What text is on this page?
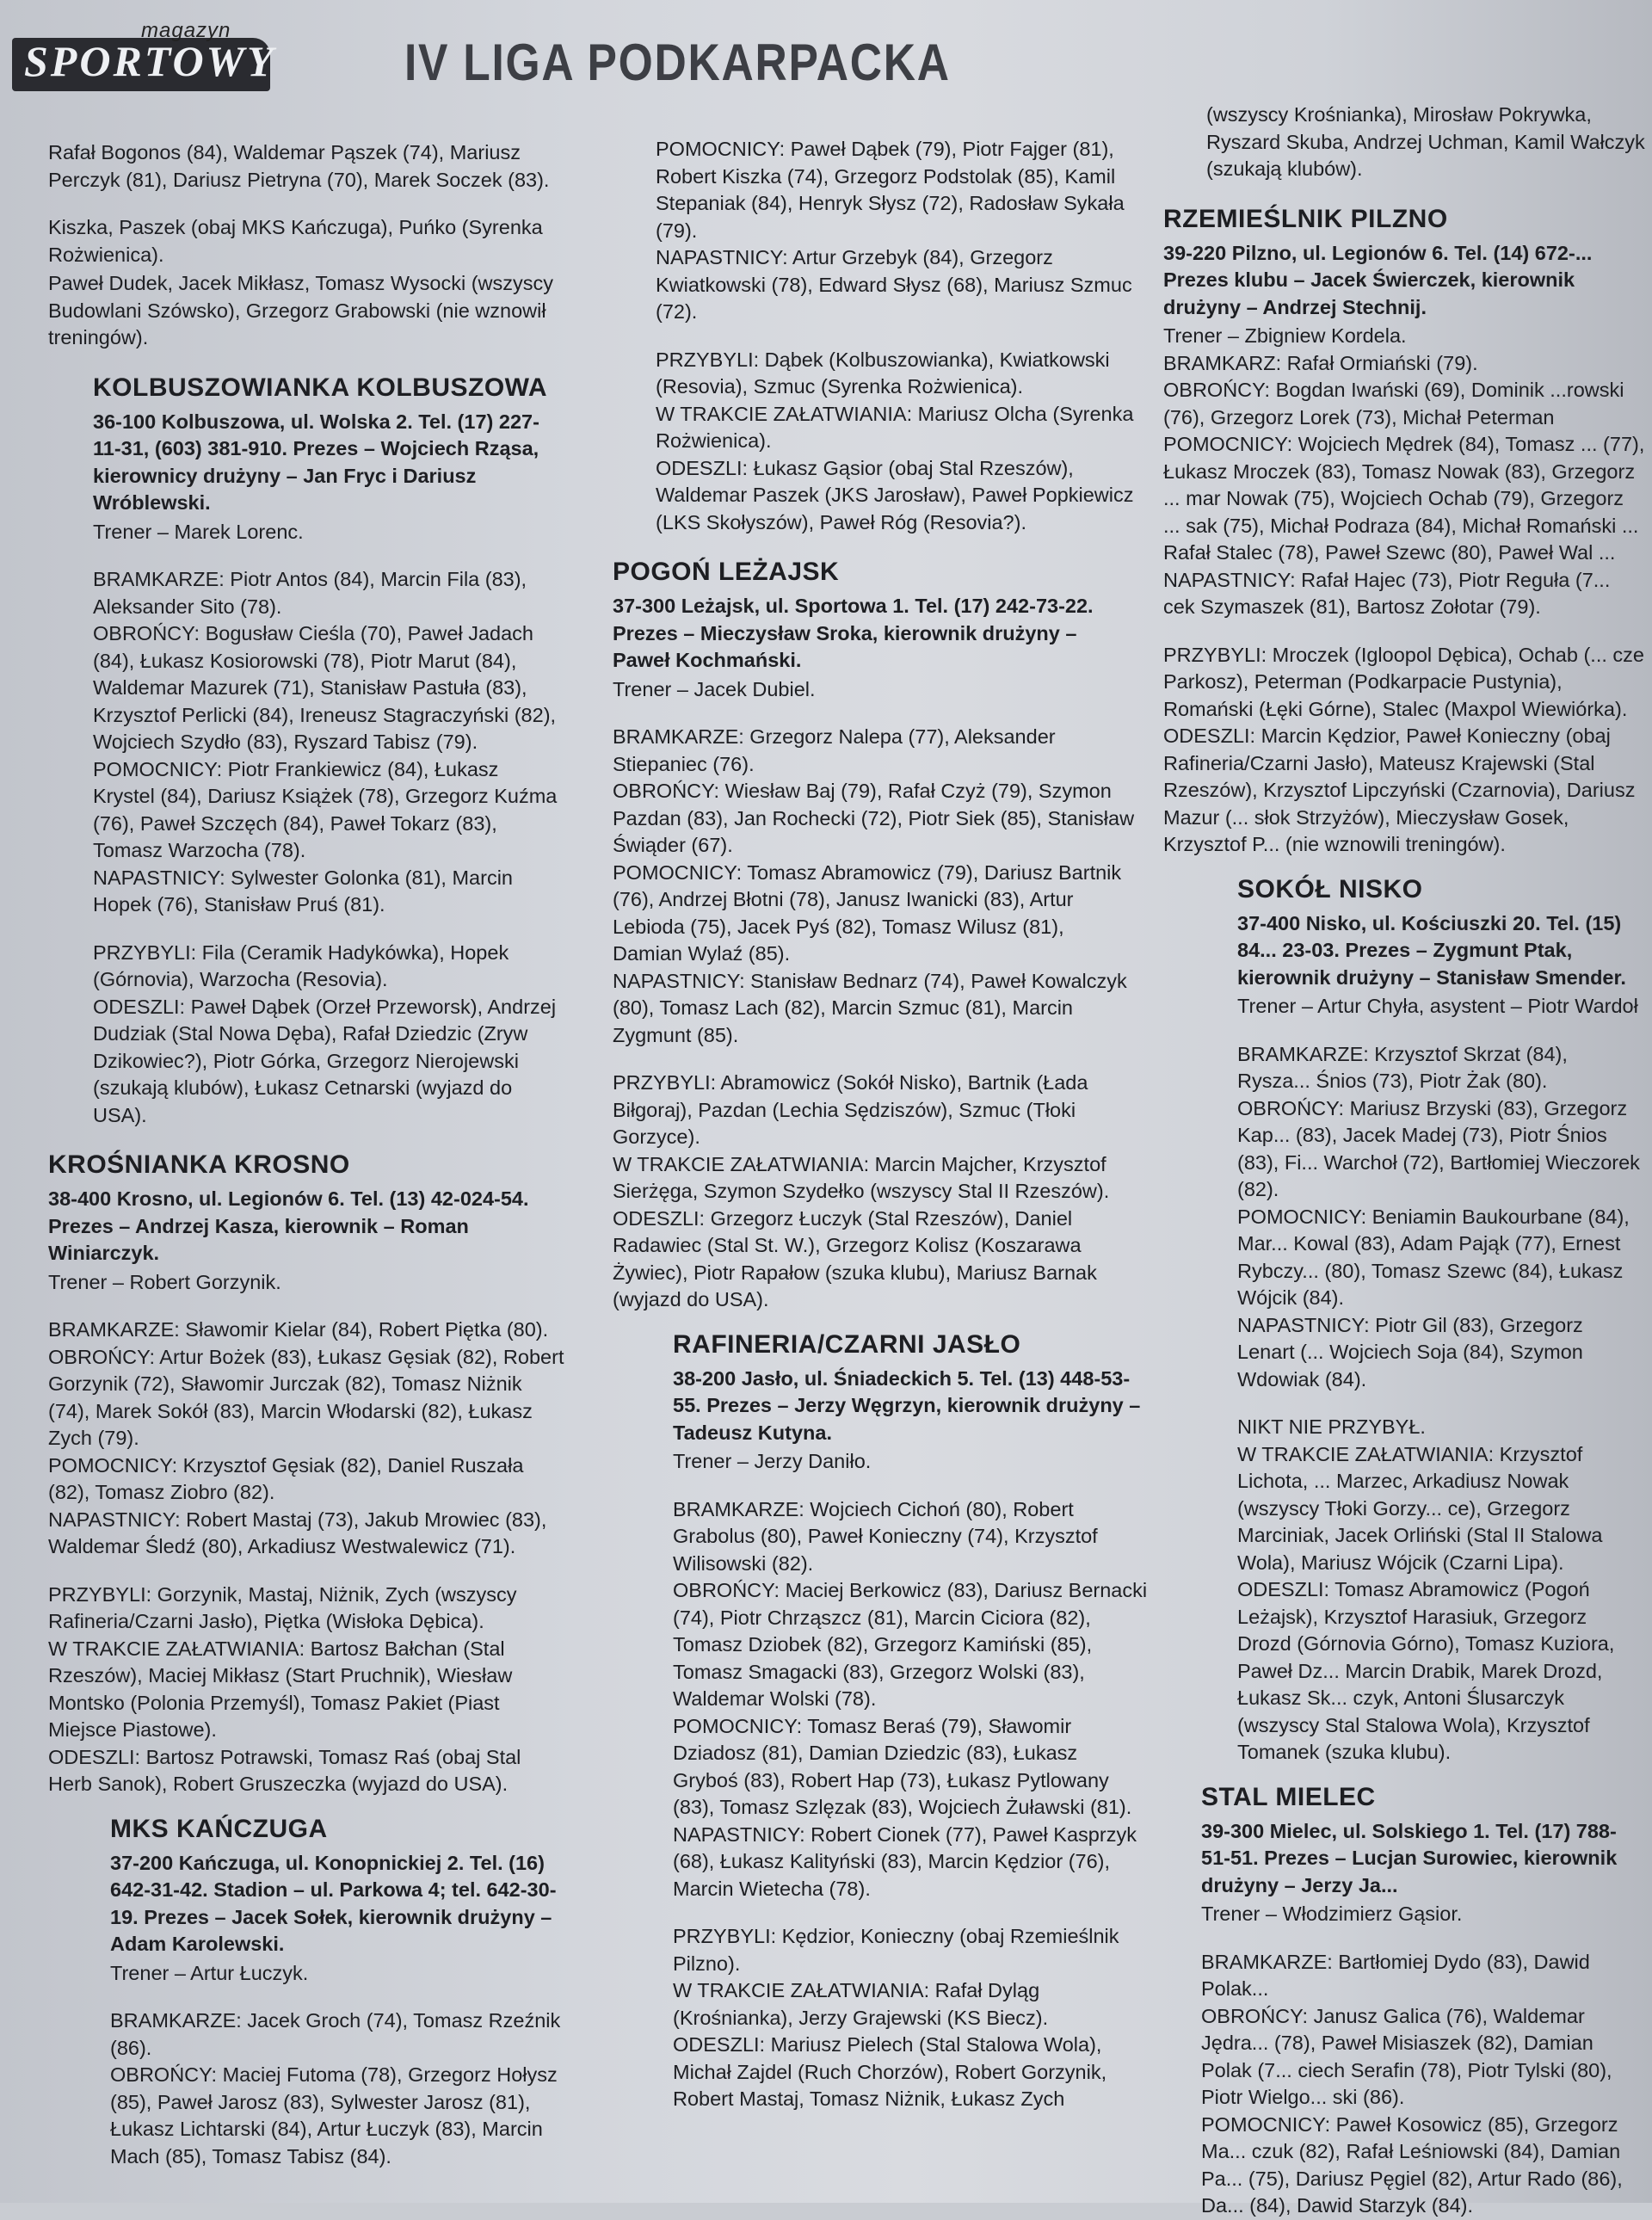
SPORTOWY
magazyn
IV LIGA PODKARPACKA

Rafał Bogonos (84), Waldemar Pąszek (74), Mariusz Perczyk (81), Dariusz Pietryna (70), Marek Soczek (83).

Kiszka, Paszek (obaj MKS Kańczuga), Puńko (Syrenka Rożwienica).

Paweł Dudek, Jacek Mikłasz, Tomasz Wysocki (wszyscy Budowlani Szówsko), Grzegorz Grabowski (nie wznowił treningów).

KOLBUSZOWIANKA KOLBUSZOWA

36-100 Kolbuszowa, ul. Wolska 2. Tel. (17) 227-11-31, (603) 381-910. Prezes – Wojciech Rząsa, kierownicy drużyny – Jan Fryc i Dariusz Wróblewski.

Trener – Marek Lorenc.

BRAMKARZE: Piotr Antos (84), Marcin Fila (83), Aleksander Sito (78).

OBROŃCY: Bogusław Cieśla (70), Paweł Jadach (84), Łukasz Kosiorowski (78), Piotr Marut (84), Waldemar Mazurek (71), Stanisław Pastuła (83), Krzysztof Perlicki (84), Ireneusz Stagraczyński (82), Wojciech Szydło (83), Ryszard Tabisz (79).

POMOCNICY: Piotr Frankiewicz (84), Łukasz Krystel (84), Dariusz Książek (78), Grzegorz Kuźma (76), Paweł Szczęch (84), Paweł Tokarz (83), Tomasz Warzocha (78).

NAPASTNICY: Sylwester Golonka (81), Marcin Hopek (76), Stanisław Pruś (81).

PRZYBYLI: Fila (Ceramik Hadykówka), Hopek (Górnovia), Warzocha (Resovia).

ODESZLI: Paweł Dąbek (Orzeł Przeworsk), Andrzej Dudziak (Stal Nowa Dęba), Rafał Dziedzic (Zryw Dzikowiec?), Piotr Górka, Grzegorz Nierojewski (szukają klubów), Łukasz Cetnarski (wyjazd do USA).

KROŚNIANKA KROSNO

38-400 Krosno, ul. Legionów 6. Tel. (13) 42-024-54. Prezes – Andrzej Kasza, kierownik – Roman Winiarczyk.

Trener – Robert Gorzynik.

BRAMKARZE: Sławomir Kielar (84), Robert Piętka (80).

OBROŃCY: Artur Bożek (83), Łukasz Gęsiak (82), Robert Gorzynik (72), Sławomir Jurczak (82), Tomasz Niżnik (74), Marek Sokół (83), Marcin Włodarski (82), Łukasz Zych (79).

POMOCNICY: Krzysztof Gęsiak (82), Daniel Ruszała (82), Tomasz Ziobro (82).

NAPASTNICY: Robert Mastaj (73), Jakub Mrowiec (83), Waldemar Śledź (80), Arkadiusz Westwalewicz (71).

PRZYBYLI: Gorzynik, Mastaj, Niżnik, Zych (wszyscy Rafineria/Czarni Jasło), Piętka (Wisłoka Dębica).

W TRAKCIE ZAŁATWIANIA: Bartosz Bałchan (Stal Rzeszów), Maciej Mikłasz (Start Pruchnik), Wiesław Montsko (Polonia Przemyśl), Tomasz Pakiet (Piast Miejsce Piastowe).

ODESZLI: Bartosz Potrawski, Tomasz Raś (obaj Stal Herb Sanok), Robert Gruszeczka (wyjazd do USA).

MKS KAŃCZUGA

37-200 Kańczuga, ul. Konopnickiej 2. Tel. (16) 642-31-42. Stadion – ul. Parkowa 4; tel. 642-30-19. Prezes – Jacek Sołek, kierownik drużyny – Adam Karolewski.

Trener – Artur Łuczyk.

BRAMKARZE: Jacek Groch (74), Tomasz Rzeźnik (86).

OBROŃCY: Maciej Futoma (78), Grzegorz Hołysz (85), Paweł Jarosz (83), Sylwester Jarosz (81), Łukasz Lichtarski (84), Artur Łuczyk (83), Marcin Mach (85), Tomasz Tabisz (84).

POMOCNICY: Paweł Dąbek (79), Piotr Fajger (81), Robert Kiszka (74), Grzegorz Podstolak (85), Kamil Stepaniak (84), Henryk Słysz (72), Radosław Sykała (79).

NAPASTNICY: Artur Grzebyk (84), Grzegorz Kwiatkowski (78), Edward Słysz (68), Mariusz Szmuc (72).

PRZYBYLI: Dąbek (Kolbuszowianka), Kwiatkowski (Resovia), Szmuc (Syrenka Rożwienica).

W TRAKCIE ZAŁATWIANIA: Mariusz Olcha (Syrenka Rożwienica).

ODESZLI: Łukasz Gąsior (obaj Stal Rzeszów), Waldemar Paszek (JKS Jarosław), Paweł Popkiewicz (LKS Skołyszów), Paweł Róg (Resovia?).

POGOŃ LEŻAJSK

37-300 Leżajsk, ul. Sportowa 1. Tel. (17) 242-73-22. Prezes – Mieczysław Sroka, kierownik drużyny – Paweł Kochmański.

Trener – Jacek Dubiel.

BRAMKARZE: Grzegorz Nalepa (77), Aleksander Stiepaniec (76).

OBROŃCY: Wiesław Baj (79), Rafał Czyż (79), Szymon Pazdan (83), Jan Rochecki (72), Piotr Siek (85), Stanisław Świąder (67).

POMOCNICY: Tomasz Abramowicz (79), Dariusz Bartnik (76), Andrzej Błotni (78), Janusz Iwanicki (83), Artur Lebioda (75), Jacek Pyś (82), Tomasz Wilusz (81), Damian Wylaź (85).

NAPASTNICY: Stanisław Bednarz (74), Paweł Kowalczyk (80), Tomasz Lach (82), Marcin Szmuc (81), Marcin Zygmunt (85).

PRZYBYLI: Abramowicz (Sokół Nisko), Bartnik (Łada Biłgoraj), Pazdan (Lechia Sędziszów), Szmuc (Tłoki Gorzyce).

W TRAKCIE ZAŁATWIANIA: Marcin Majcher, Krzysztof Sierżęga, Szymon Szydełko (wszyscy Stal II Rzeszów).

ODESZLI: Grzegorz Łuczyk (Stal Rzeszów), Daniel Radawiec (Stal St. W.), Grzegorz Kolisz (Koszarawa Żywiec), Piotr Rapałow (szuka klubu), Mariusz Barnak (wyjazd do USA).

RAFINERIA/CZARNI JASŁO

38-200 Jasło, ul. Śniadeckich 5. Tel. (13) 448-53-55. Prezes – Jerzy Węgrzyn, kierownik drużyny – Tadeusz Kutyna.

Trener – Jerzy Daniło.

BRAMKARZE: Wojciech Cichoń (80), Robert Grabolus (80), Paweł Konieczny (74), Krzysztof Wilisowski (82).

OBROŃCY: Maciej Berkowicz (83), Dariusz Bernacki (74), Piotr Chrząszcz (81), Marcin Ciciora (82), Tomasz Dziobek (82), Grzegorz Kamiński (85), Tomasz Smagacki (83), Grzegorz Wolski (83), Waldemar Wolski (78).

POMOCNICY: Tomasz Beraś (79), Sławomir Dziadosz (81), Damian Dziedzic (83), Łukasz Gryboś (83), Robert Hap (73), Łukasz Pytlowany (83), Tomasz Szlęzak (83), Wojciech Żuławski (81).

NAPASTNICY: Robert Cionek (77), Paweł Kasprzyk (68), Łukasz Kalityński (83), Marcin Kędzior (76), Marcin Wietecha (78).

PRZYBYLI: Kędzior, Konieczny (obaj Rzemieślnik Pilzno).

W TRAKCIE ZAŁATWIANIA: Rafał Dyląg (Krośnianka), Jerzy Grajewski (KS Biecz).

ODESZLI: Mariusz Pielech (Stal Stalowa Wola), Michał Zajdel (Ruch Chorzów), Robert Gorzynik, Robert Mastaj, Tomasz Niżnik, Łukasz Zych

(wszyscy Krośnianka), Mirosław Pokrywka, Ryszard Skuba, Andrzej Uchman, Kamil Wałczyk (szukają klubów).

RZEMIEŚLNIK PILZNO

39-220 Pilzno, ul. Legionów 6. Tel. (14) 672-... Prezes klubu – Jacek Świerczek, kierownik drużyny – Andrzej Stechnij.

Trener – Zbigniew Kordela.

BRAMKARZ: Rafał Ormiański (79).

OBROŃCY: Bogdan Iwański (69), Dominik ...rowski (76), Grzegorz Lorek (73), Michał Peterman

POMOCNICY: Wojciech Mędrek (84), Tomasz ... (77), Łukasz Mroczek (83), Tomasz Nowak (83), Grzegorz ... mar Nowak (75), Wojciech Ochab (79), Grzegorz ... sak (75), Michał Podraza (84), Michał Romański ... Rafał Stalec (78), Paweł Szewc (80), Paweł Wal ...

NAPASTNICY: Rafał Hajec (73), Piotr Reguła (7... cek Szymaszek (81), Bartosz Zołotar (79).

PRZYBYLI: Mroczek (Igloopol Dębica), Ochab (... cze Parkosz), Peterman (Podkarpacie Pustynia), Romański (Łęki Górne), Stalec (Maxpol Wiewiórka).

ODESZLI: Marcin Kędzior, Paweł Konieczny (obaj Rafineria/Czarni Jasło), Mateusz Krajewski (Stal Rzeszów), Krzysztof Lipczyński (Czarnovia), Dariusz Mazur (... słok Strzyżów), Mieczysław Gosek, Krzysztof P... (nie wznowili treningów).

SOKÓŁ NISKO

37-400 Nisko, ul. Kościuszki 20. Tel. (15) 84... 23-03. Prezes – Zygmunt Ptak, kierownik drużyny – Stanisław Smender.

Trener – Artur Chyła, asystent – Piotr Wardoł

BRAMKARZE: Krzysztof Skrzat (84), Rysza... Śnios (73), Piotr Żak (80).

OBROŃCY: Mariusz Brzyski (83), Grzegorz Kap... (83), Jacek Madej (73), Piotr Śnios (83), Fi... Warchoł (72), Bartłomiej Wieczorek (82).

POMOCNICY: Beniamin Baukourbane (84), Mar... Kowal (83), Adam Pająk (77), Ernest Rybczy... (80), Tomasz Szewc (84), Łukasz Wójcik (84).

NAPASTNICY: Piotr Gil (83), Grzegorz Lenart (... Wojciech Soja (84), Szymon Wdowiak (84).

NIKT NIE PRZYBYŁ.

W TRAKCIE ZAŁATWIANIA: Krzysztof Lichota, ... Marzec, Arkadiusz Nowak (wszyscy Tłoki Gorzy... ce), Grzegorz Marciniak, Jacek Orliński (Stal II Stalowa Wola), Mariusz Wójcik (Czarni Lipa).

ODESZLI: Tomasz Abramowicz (Pogoń Leżajsk), Krzysztof Harasiuk, Grzegorz Drozd (Górnovia Górno), Tomasz Kuziora, Paweł Dz... Marcin Drabik, Marek Drozd, Łukasz Sk... czyk, Antoni Ślusarczyk (wszyscy Stal Stalowa Wola), Krzysztof Tomanek (szuka klubu).

STAL MIELEC

39-300 Mielec, ul. Solskiego 1. Tel. (17) 788-51-51. Prezes – Lucjan Surowiec, kierownik drużyny – Jerzy Ja...

Trener – Włodzimierz Gąsior.

BRAMKARZE: Bartłomiej Dydo (83), Dawid Polak...

OBROŃCY: Janusz Galica (76), Waldemar Jędra... (78), Paweł Misiaszek (82), Damian Polak (7... ciech Serafin (78), Piotr Tylski (80), Piotr Wielgo... ski (86).

POMOCNICY: Paweł Kosowicz (85), Grzegorz Ma... czuk (82), Rafał Leśniowski (84), Damian Pa... (75), Dariusz Pęgiel (82), Artur Rado (86), Da... (84), Dawid Starzyk (84).
